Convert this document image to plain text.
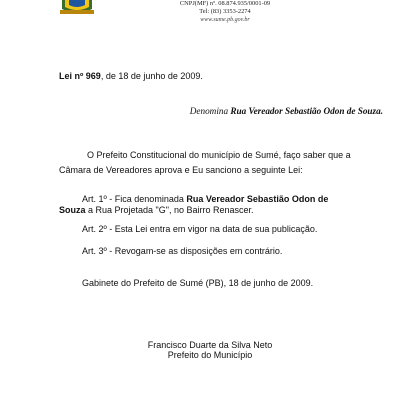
CNPJ(MF) nº. 08.874.935/0001-09
Tel: (83) 3353-2274
www.sume.pb.gov.br
Lei nº 969, de 18 de junho de 2009.
Denomina Rua Vereador Sebastião Odon de Souza.
O Prefeito Constitucional do município de Sumé, faço saber que a
Câmara de Vereadores aprova e Eu sanciono a seguinte Lei:
Art. 1º - Fica denominada Rua Vereador Sebastião Odon de
Souza a Rua Projetada "G", no Bairro Renascer.
Art. 2º - Esta Lei entra em vigor na data de sua publicação.
Art. 3º - Revogam-se as disposições em contrário.
Gabinete do Prefeito de Sumé (PB), 18 de junho de 2009.
Francisco Duarte da Silva Neto
Prefeito do Município
